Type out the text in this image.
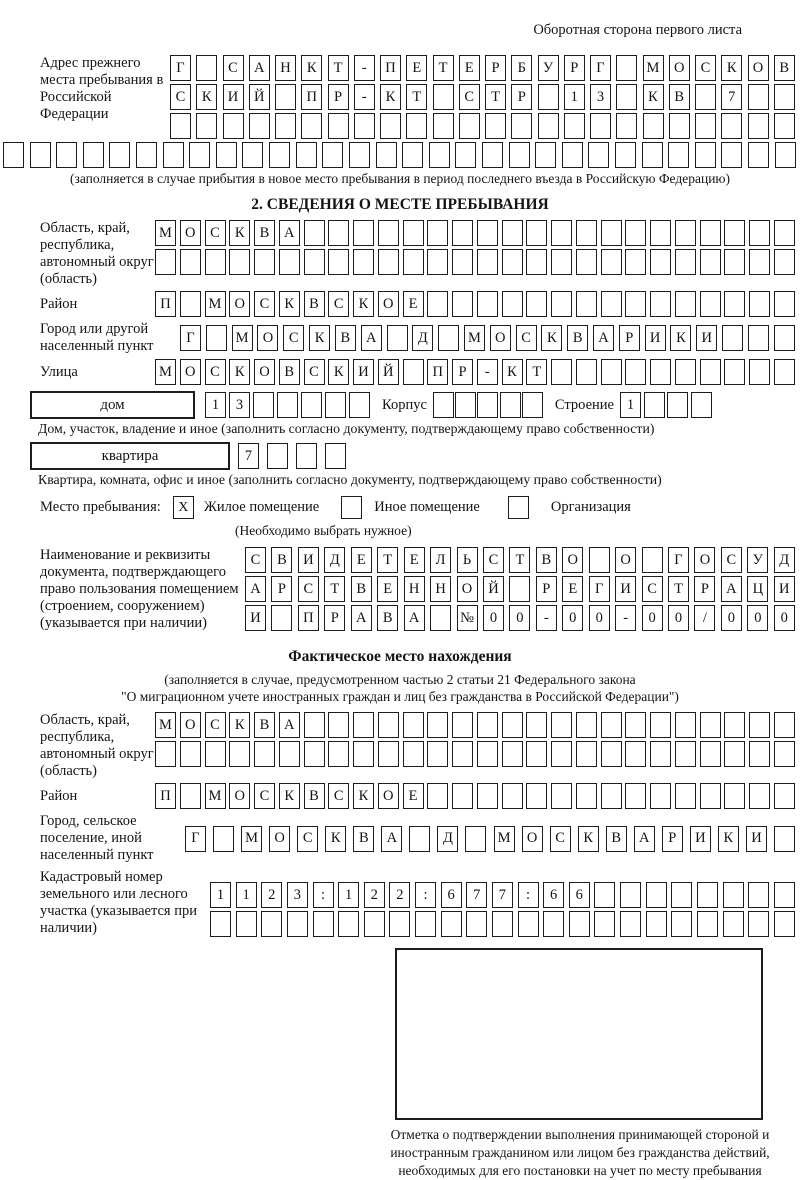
Оборотная сторона первого листа
Адрес прежнего места пребывания в Российской Федерации
Г	С	А	Н	К	Т	-	П	Е	Т	Е	Р	Б	У	Р	Г	М	О	С	К	О	В
С	К	И	Й	П	Р	-	К	Т	С	Т	Р	1	3	К	В	7
(заполняется в случае прибытия в новое место пребывания в период последнего въезда в Российскую Федерацию)
2. СВЕДЕНИЯ О МЕСТЕ ПРЕБЫВАНИЯ
Область, край, республика, автономный округ (область)
М О	С	К	В	А
Район	П	М О	С	К	В	С	К	О	Е
Город или другой населенный пункт
Г	М О	С	К	В	А	Д	М О	С	К	В	А	Р	И	К	И
Улица	М О	С	К	О	В	С	К	И Й	П	Р	-	К	Т
дом	1	3	Корпус	Строение 1
Дом, участок, владение и иное (заполнить согласно документу, подтверждающему право собственности)
квартира	7
Квартира, комната, офис и иное (заполнить согласно документу, подтверждающему право собственности)
Место пребывания:	X	Жилое помещение	Иное помещение	Организация
(Необходимо выбрать нужное)
Наименование и реквизиты документа, подтверждающего право пользования помещением (строением, сооружением) (указывается при наличии)
С	В	И	Д	Е	Т	Е	Л	Ь	С	Т	В	О	О	Г	О	С	У	Д
А	Р	С	Т	В	Е	Н	Н	О	Й	Р	Е	Г	И	С	Т	Р	А	Ц	И
И	П	Р	А	В	А	№	0	0	-	0	0	-	0	0	/	0	0	0
Фактическое место нахождения
(заполняется в случае, предусмотренном частью 2 статьи 21 Федерального закона
"О миграционном учете иностранных граждан и лиц без гражданства в Российской Федерации")
Область, край, республика, автономный округ (область)
М О	С	К	В	А
Район	П	М О	С	К	В	С	К	О	Е
Город, сельское поселение, иной населенный пункт
Г	М	О	С	К	В	А	Д	М	О	С	К	В	А	Р	И	К	И
Кадастровый номер земельного или лесного участка (указывается при наличии)
1	1	2	3	:	1	2	2	:	6	7	7	:	6	6
Отметка о подтверждении выполнения принимающей стороной и иностранным гражданином или лицом без гражданства действий, необходимых для его постановки на учет по месту пребывания
